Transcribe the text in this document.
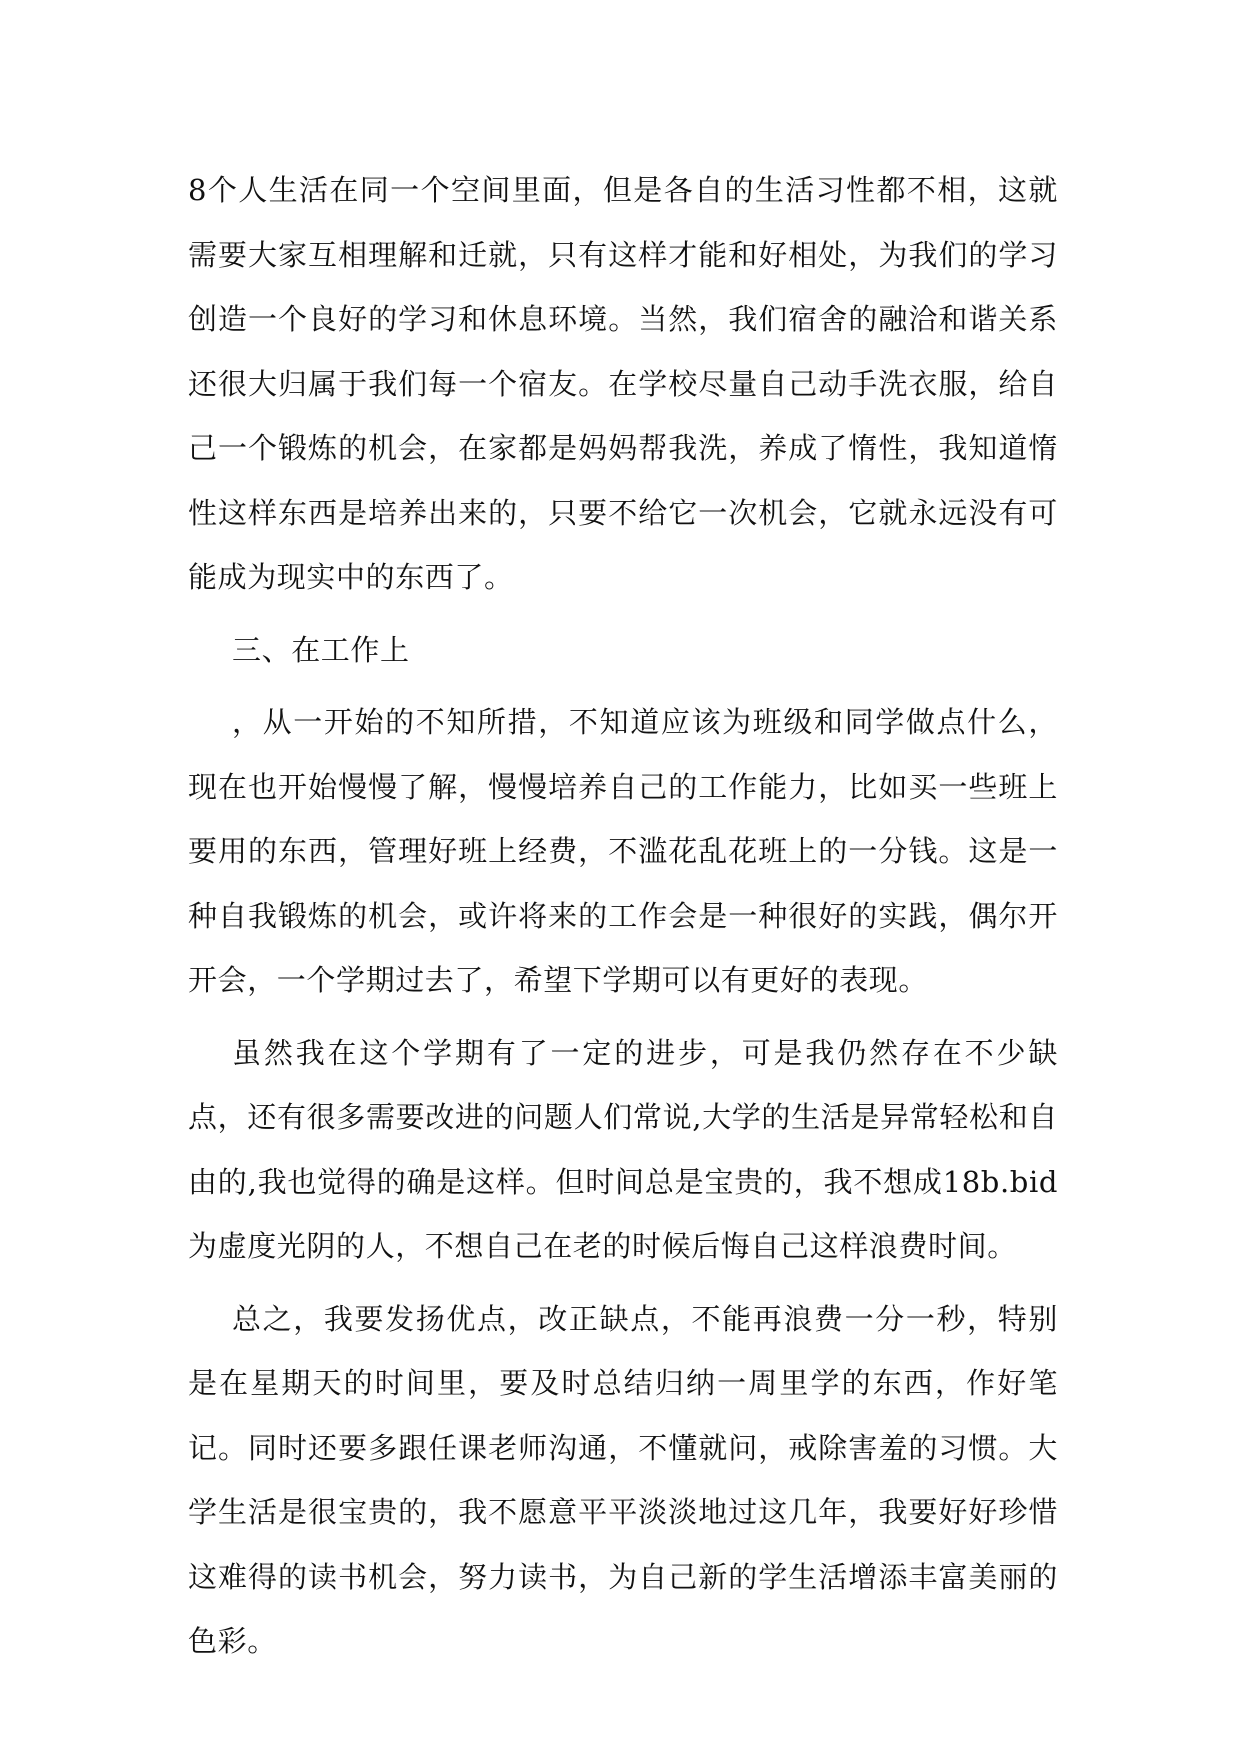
8个人生活在同一个空间里面，但是各自的生活习性都不相，这就需要大家互相理解和迁就，只有这样才能和好相处，为我们的学习创造一个良好的学习和休息环境。当然，我们宿舍的融洽和谐关系还很大归属于我们每一个宿友。在学校尽量自己动手洗衣服，给自己一个锻炼的机会，在家都是妈妈帮我洗，养成了惰性，我知道惰性这样东西是培养出来的，只要不给它一次机会，它就永远没有可能成为现实中的东西了。

三、在工作上

，从一开始的不知所措，不知道应该为班级和同学做点什么，现在也开始慢慢了解，慢慢培养自己的工作能力，比如买一些班上要用的东西，管理好班上经费，不滥花乱花班上的一分钱。这是一种自我锻炼的机会，或许将来的工作会是一种很好的实践，偶尔开开会，一个学期过去了，希望下学期可以有更好的表现。

虽然我在这个学期有了一定的进步，可是我仍然存在不少缺点，还有很多需要改进的问题人们常说,大学的生活是异常轻松和自由的,我也觉得的确是这样。但时间总是宝贵的，我不想成18b.bid为虚度光阴的人，不想自己在老的时候后悔自己这样浪费时间。

总之，我要发扬优点，改正缺点，不能再浪费一分一秒，特别是在星期天的时间里，要及时总结归纳一周里学的东西，作好笔记。同时还要多跟任课老师沟通，不懂就问，戒除害羞的习惯。大学生活是很宝贵的，我不愿意平平淡淡地过这几年，我要好好珍惜这难得的读书机会，努力读书，为自己新的学生活增添丰富美丽的色彩。
